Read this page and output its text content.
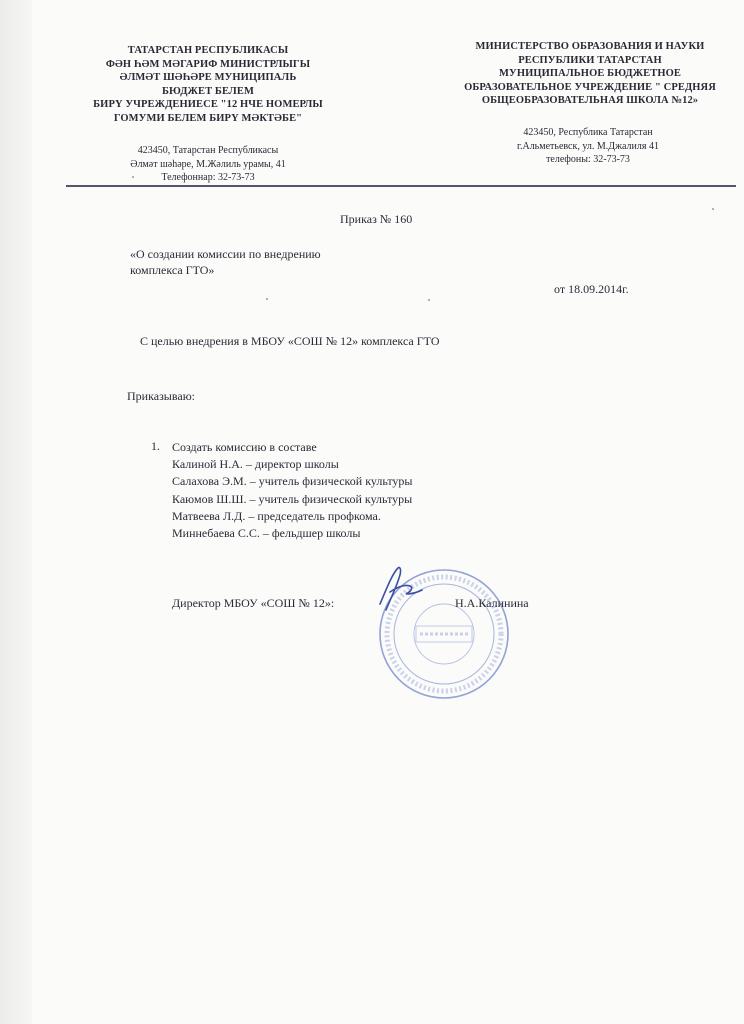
ТАТАРСТАН РЕСПУБЛИКАСЫ
ФӘН ҺӘМ МӘГАРИФ МИНИСТРЛЫГЫ
ӘЛМӘТ ШӘҺӘРЕ МУНИЦИПАЛЬ
БЮДЖЕТ БЕЛЕМ
БИРҮ УЧРЕЖДЕНИЕСЕ "12 НЧЕ НОМЕРЛЫ
ГОМУМИ БЕЛЕМ БИРҮ МӘКТӘБЕ"
423450, Татарстан Республикасы
Әлмәт шәһәре, М.Жәлиль урамы, 41
Телефоннар: 32-73-73
МИНИСТЕРСТВО ОБРАЗОВАНИЯ И НАУКИ
РЕСПУБЛИКИ ТАТАРСТАН
МУНИЦИПАЛЬНОЕ БЮДЖЕТНОЕ
ОБРАЗОВАТЕЛЬНОЕ УЧРЕЖДЕНИЕ " СРЕДНЯЯ
ОБЩЕОБРАЗОВАТЕЛЬНАЯ ШКОЛА №12»
423450, Республика Татарстан
г.Альметьевск, ул. М.Джалиля 41
телефоны: 32-73-73
Приказ № 160
«О создании комиссии по внедрению
комплекса ГТО»
от 18.09.2014г.
С целью внедрения в МБОУ «СОШ № 12» комплекса ГТО
Приказываю:
1. Создать комиссию в составе
Калиной Н.А. – директор школы
Салахова Э.М. – учитель физической культуры
Каюмов Ш.Ш. – учитель физической культуры
Матвеева Л.Д. – председатель профкома.
Миннебаева С.С. – фельдшер школы
Директор МБОУ «СОШ № 12»:	Н.А.Калинина
